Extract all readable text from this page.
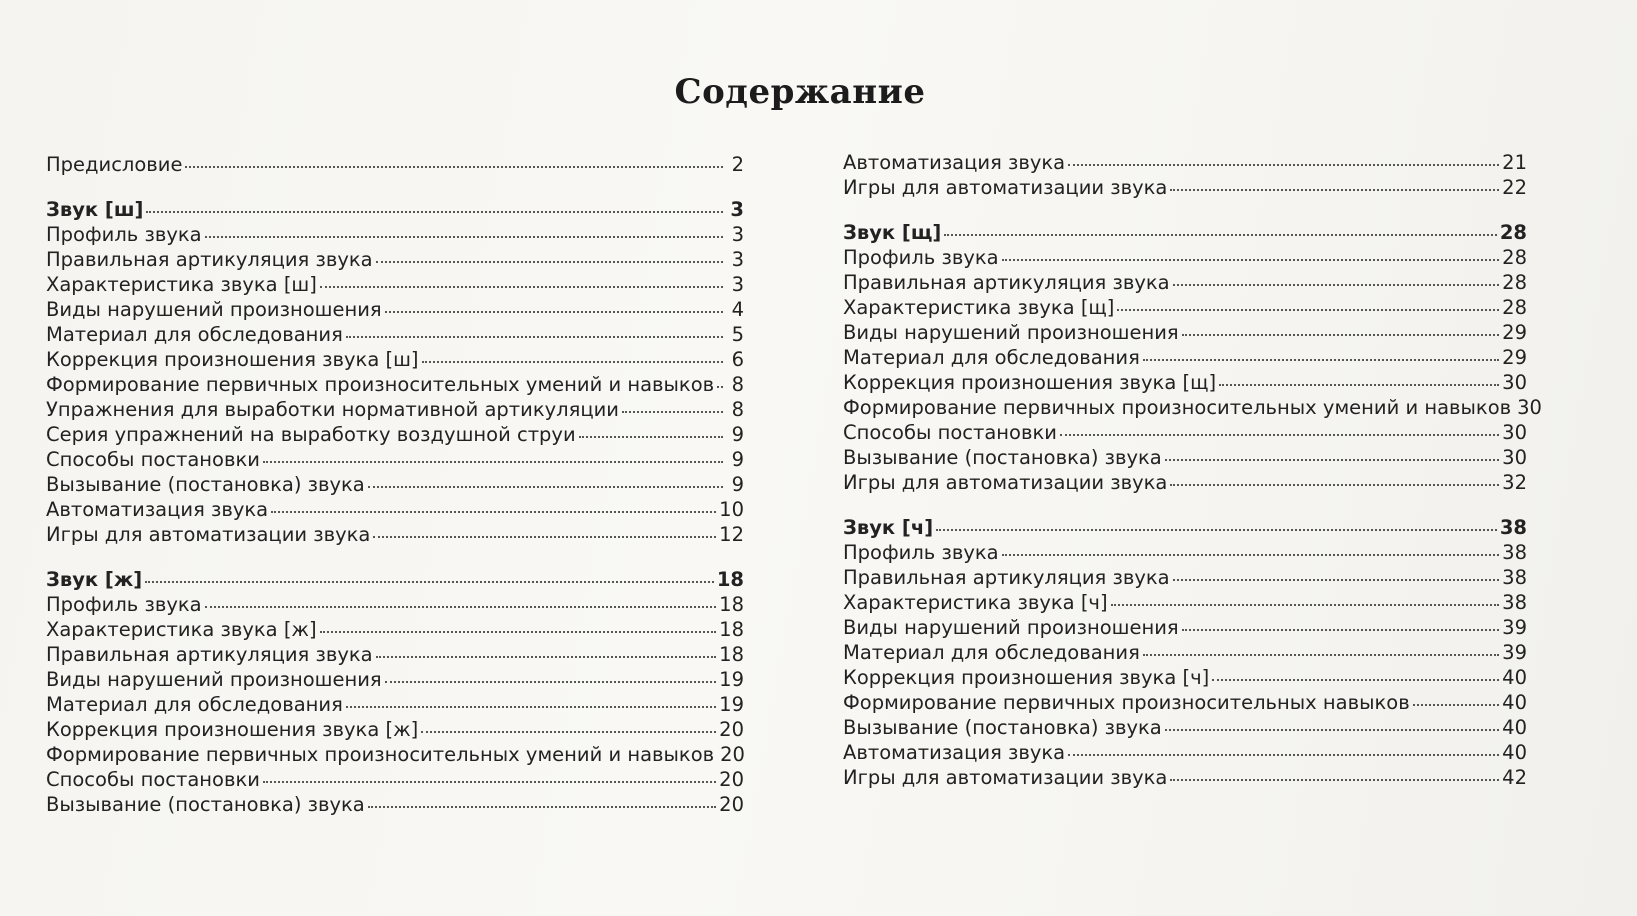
Содержание
Предисловие	2
Звук [ш]	3
Профиль звука	3
Правильная артикуляция звука	3
Характеристика звука [ш]	3
Виды нарушений произношения	4
Материал для обследования	5
Коррекция произношения звука [ш]	6
Формирование первичных произносительных умений и навыков 8
Упражнения для выработки нормативной артикуляции	8
Серия упражнений на выработку воздушной струи	9
Способы постановки	9
Вызывание (постановка) звука	9
Автоматизация звука	10
Игры для автоматизации звука	12
Звук [ж]	18
Профиль звука	18
Характеристика звука [ж]	18
Правильная артикуляция звука	18
Виды нарушений произношения	19
Материал для обследования	19
Коррекция произношения звука [ж]	20
Формирование первичных произносительных умений и навыков 20
Способы постановки	20
Вызывание (постановка) звука	20
Автоматизация звука	21
Игры для автоматизации звука	22
Звук [щ]	28
Профиль звука	28
Правильная артикуляция звука	28
Характеристика звука [щ]	28
Виды нарушений произношения	29
Материал для обследования	29
Коррекция произношения звука [щ]	30
Формирование первичных произносительных умений и навыков 30
Способы постановки	30
Вызывание (постановка) звука	30
Игры для автоматизации звука	32
Звук [ч]	38
Профиль звука	38
Правильная артикуляция звука	38
Характеристика звука [ч]	38
Виды нарушений произношения	39
Материал для обследования	39
Коррекция произношения звука [ч]	40
Формирование первичных произносительных навыков	40
Вызывание (постановка) звука	40
Автоматизация звука	40
Игры для автоматизации звука	42
